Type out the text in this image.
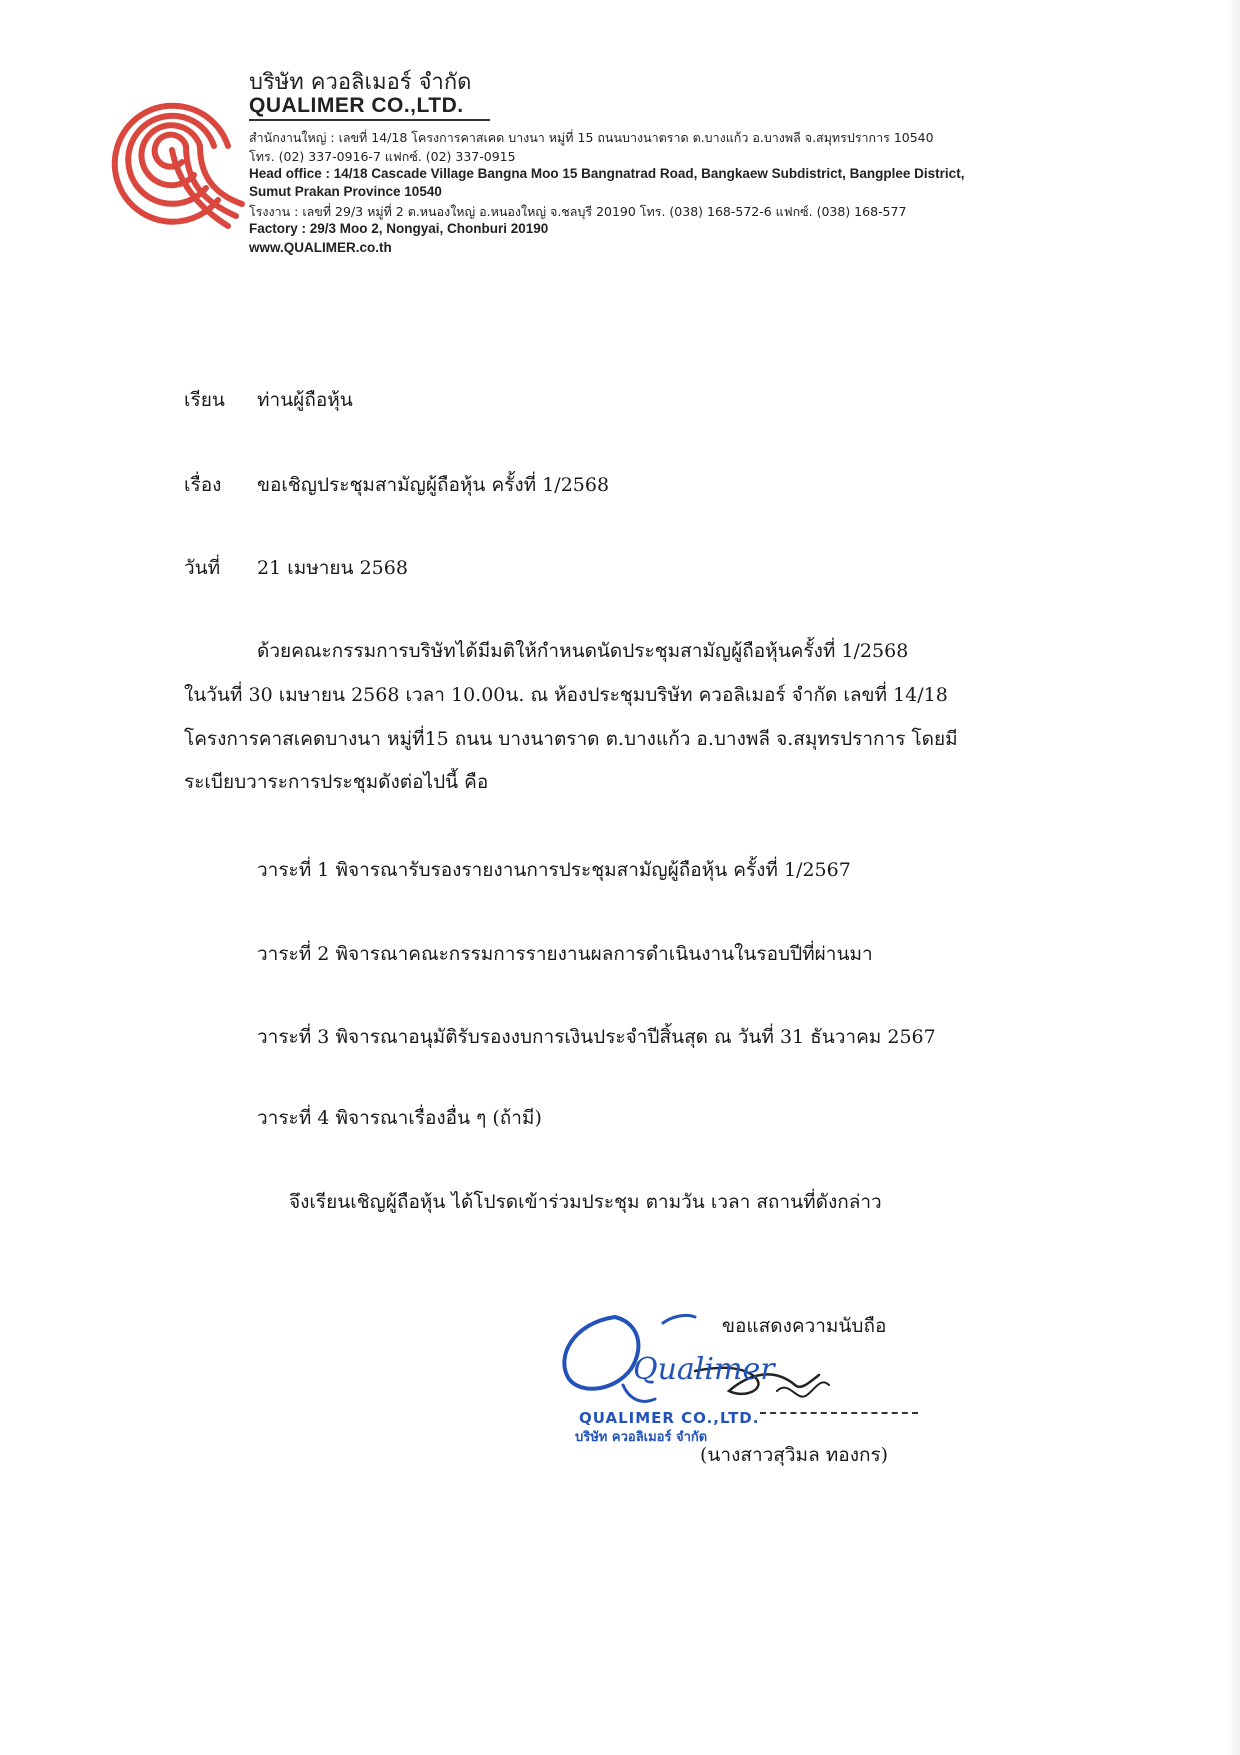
บริษัท ควอลิเมอร์ จำกัด
QUALIMER CO.,LTD.
สำนักงานใหญ่ : เลขที่ 14/18 โครงการคาสเคด บางนา หมู่ที่ 15 ถนนบางนาตราด ต.บางแก้ว อ.บางพลี จ.สมุทรปราการ 10540
โทร. (02) 337-0916-7 แฟกซ์. (02) 337-0915
Head office : 14/18 Cascade Village Bangna Moo 15 Bangnatrad Road, Bangkaew Subdistrict, Bangplee District,
Sumut Prakan Province 10540
โรงงาน : เลขที่ 29/3 หมู่ที่ 2 ต.หนองใหญ่ อ.หนองใหญ่ จ.ชลบุรี 20190 โทร. (038) 168-572-6 แฟกซ์. (038) 168-577
Factory : 29/3 Moo 2, Nongyai, Chonburi 20190
www.QUALIMER.co.th
เรียน ท่านผู้ถือหุ้น
เรื่อง ขอเชิญประชุมสามัญผู้ถือหุ้น ครั้งที่ 1/2568
วันที่ 21 เมษายน 2568
ด้วยคณะกรรมการบริษัทได้มีมติให้กำหนดนัดประชุมสามัญผู้ถือหุ้นครั้งที่ 1/2568
ในวันที่ 30 เมษายน 2568 เวลา 10.00น. ณ ห้องประชุมบริษัท ควอลิเมอร์ จำกัด เลขที่ 14/18
โครงการคาสเคดบางนา หมู่ที่15 ถนน บางนาตราด ต.บางแก้ว อ.บางพลี จ.สมุทรปราการ โดยมี
ระเบียบวาระการประชุมดังต่อไปนี้ คือ
วาระที่ 1 พิจารณารับรองรายงานการประชุมสามัญผู้ถือหุ้น ครั้งที่ 1/2567
วาระที่ 2 พิจารณาคณะกรรมการรายงานผลการดำเนินงานในรอบปีที่ผ่านมา
วาระที่ 3 พิจารณาอนุมัติรับรองงบการเงินประจำปีสิ้นสุด ณ วันที่ 31 ธันวาคม 2567
วาระที่ 4 พิจารณาเรื่องอื่น ๆ (ถ้ามี)
จึงเรียนเชิญผู้ถือหุ้น ได้โปรดเข้าร่วมประชุม ตามวัน เวลา สถานที่ดังกล่าว
Qualimer
QUALIMER CO.,LTD.
บริษัท ควอลิเมอร์ จำกัด
ขอแสดงความนับถือ
(นางสาวสุวิมล ทองกร)
